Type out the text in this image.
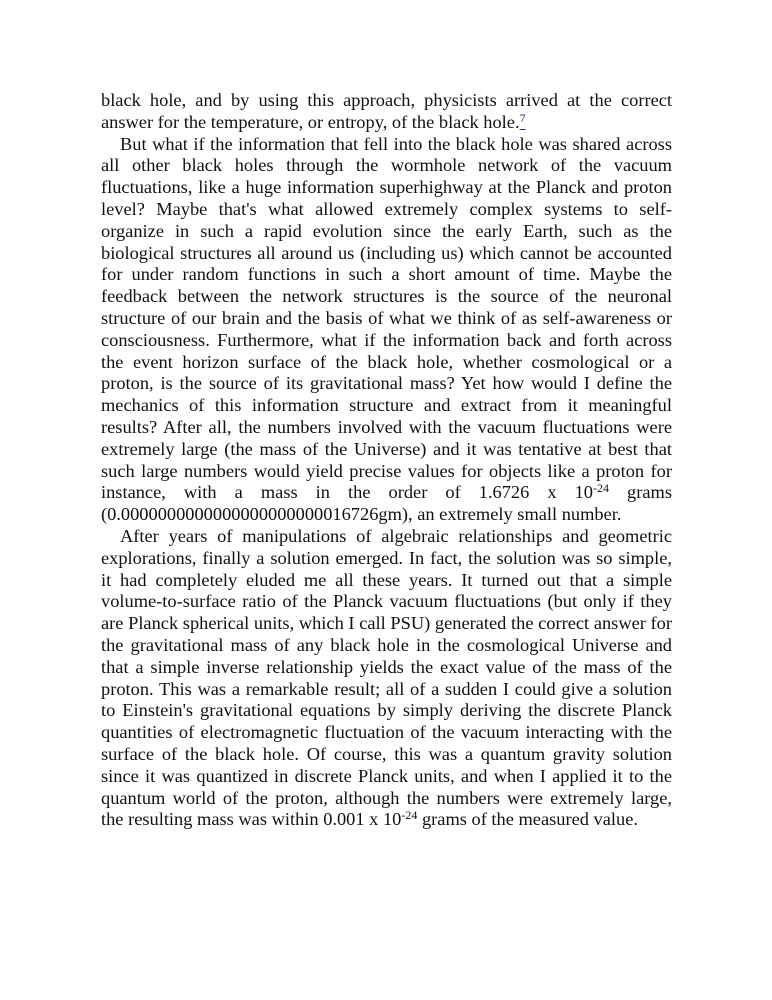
black hole, and by using this approach, physicists arrived at the correct answer for the temperature, or entropy, of the black hole.$^7$

But what if the information that fell into the black hole was shared across all other black holes through the wormhole network of the vacuum fluctuations, like a huge information superhighway at the Planck and proton level? Maybe that's what allowed extremely complex systems to self-organize in such a rapid evolution since the early Earth, such as the biological structures all around us (including us) which cannot be accounted for under random functions in such a short amount of time. Maybe the feedback between the network structures is the source of the neuronal structure of our brain and the basis of what we think of as self-awareness or consciousness. Furthermore, what if the information back and forth across the event horizon surface of the black hole, whether cosmological or a proton, is the source of its gravitational mass? Yet how would I define the mechanics of this information structure and extract from it meaningful results? After all, the numbers involved with the vacuum fluctuations were extremely large (the mass of the Universe) and it was tentative at best that such large numbers would yield precise values for objects like a proton for instance, with a mass in the order of 1.6726 x $10^{-24}$ grams (0.0000000000000000000000016726gm), an extremely small number.

After years of manipulations of algebraic relationships and geometric explorations, finally a solution emerged. In fact, the solution was so simple, it had completely eluded me all these years. It turned out that a simple volume-to-surface ratio of the Planck vacuum fluctuations (but only if they are Planck spherical units, which I call PSU) generated the correct answer for the gravitational mass of any black hole in the cosmological Universe and that a simple inverse relationship yields the exact value of the mass of the proton. This was a remarkable result; all of a sudden I could give a solution to Einstein's gravitational equations by simply deriving the discrete Planck quantities of electromagnetic fluctuation of the vacuum interacting with the surface of the black hole. Of course, this was a quantum gravity solution since it was quantized in discrete Planck units, and when I applied it to the quantum world of the proton, although the numbers were extremely large, the resulting mass was within 0.001 x $10^{-24}$ grams of the measured value.
